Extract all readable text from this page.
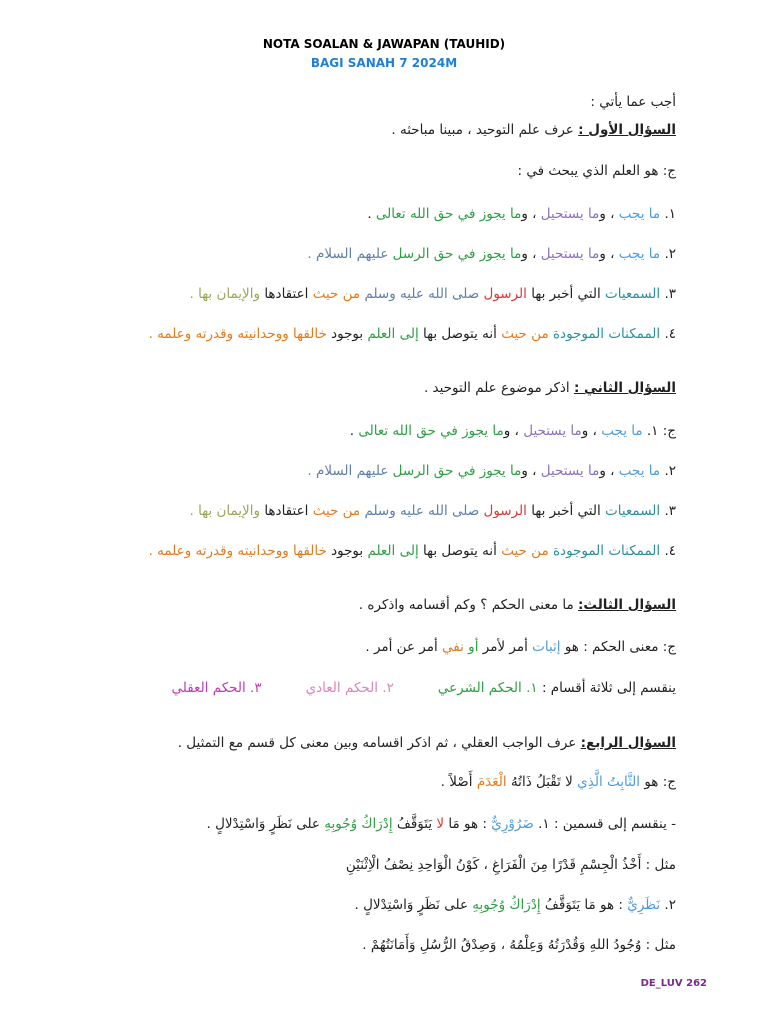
NOTA SOALAN & JAWAPAN (TAUHID)
BAGI SANAH 7 2024M
أجب عما يأتي :
السؤال الأول : عرف علم التوحيد ، مبينا مباحثه .
ج: هو العلم الذي يبحث في :
١. ما يجب ، وما يستحيل ، وما يجوز في حق الله تعالى .
٢. ما يجب ، وما يستحيل ، وما يجوز في حق الرسل عليهم السلام .
٣. السمعيات التي أخبر بها الرسول صلى الله عليه وسلم من حيث اعتقادها والإيمان بها .
٤. الممكنات الموجودة من حيث أنه يتوصل بها إلى العلم بوجود خالقها ووحدانيته وقدرته وعلمه .
السؤال الثاني : اذكر موضوع علم التوحيد .
ج: ١. ما يجب ، وما يستحيل ، وما يجوز في حق الله تعالى .
٢. ما يجب ، وما يستحيل ، وما يجوز في حق الرسل عليهم السلام .
٣. السمعيات التي أخبر بها الرسول صلى الله عليه وسلم من حيث اعتقادها والإيمان بها .
٤. الممكنات الموجودة من حيث أنه يتوصل بها إلى العلم بوجود خالقها ووحدانيته وقدرته وعلمه .
السؤال الثالث: ما معنى الحكم ؟ وكم أقسامه واذكره .
ج: معنى الحكم : هو إثبات أمر لأمر أو نفي أمر عن أمر .
ينقسم إلى ثلاثة أقسام : ١. الحكم الشرعي٢. الحكم العادي٣. الحكم العقلي
السؤال الرابع: عرف الواجب العقلي ، ثم اذكر اقسامه وبين معنى كل قسم مع التمثيل .
ج: هو الثَّابِتُ الَّذِي لا تَقْبَلُ ذَاتُهُ الْعَدَمَ أَصْلاً .
- ينقسم إلى قسمين : ١. ضَرُوْرِيٌّ : هو مَا لا يَتَوَقَّفُ إِدْرَاكُ وُجُوبِهِ على نَظَرٍ وَاسْتِدْلالٍ .
مثل : أَخْذُ الْجِسْمِ قَدْرًا مِنَ الْفَرَاغِ ، كَوْنُ الْوَاحِدِ نِصْفُ الْاِثْنَيْنِ
٢. نَظَرِيٌّ : هو مَا يَتَوَقَّفُ إِدْرَاكُ وُجُوبِهِ على نَظَرٍ وَاسْتِدْلالٍ .
مثل : وُجُودُ اللهِ وَقُدْرَتُهُ وَعِلْمُهُ ، وَصِدْقُ الرُّسُلِ وَأَمَانَتُهُمْ .
DE_LUV 262
